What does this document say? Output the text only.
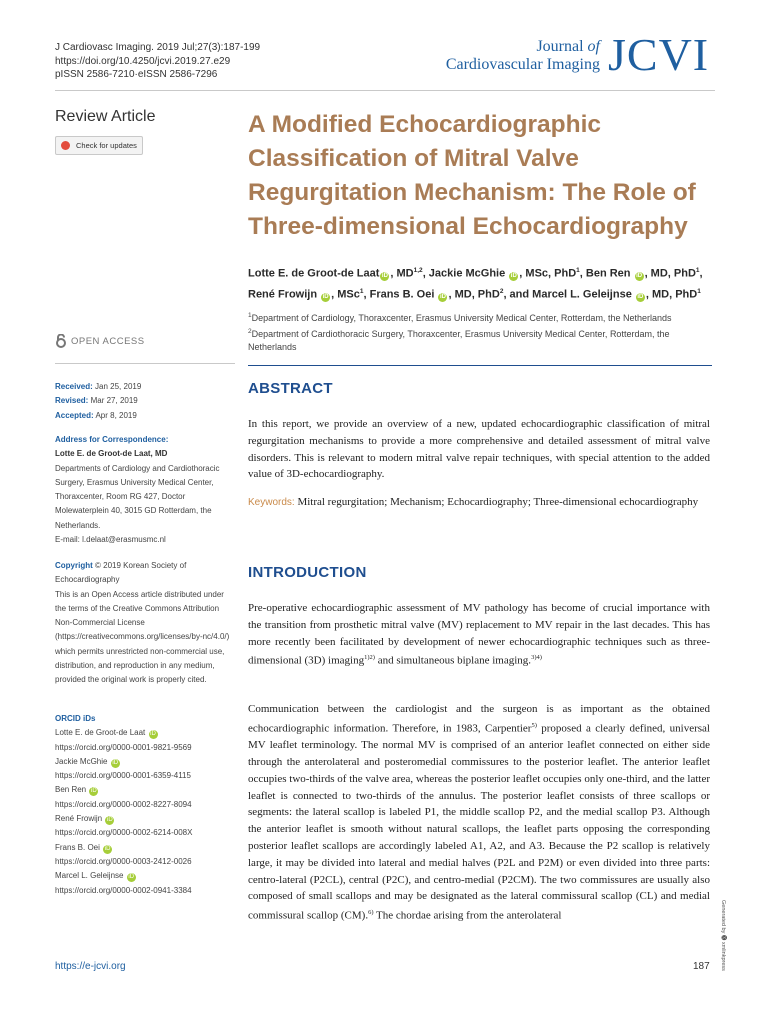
J Cardiovasc Imaging. 2019 Jul;27(3):187-199
https://doi.org/10.4250/jcvi.2019.27.e29
pISSN 2586-7210·eISSN 2586-7296
Journal of
Cardiovascular Imaging JCVI
Review Article
Check for updates
OPEN ACCESS
Received: Jan 25, 2019
Revised: Mar 27, 2019
Accepted: Apr 8, 2019
Address for Correspondence:
Lotte E. de Groot-de Laat, MD
Departments of Cardiology and Cardiothoracic Surgery, Erasmus University Medical Center, Thoraxcenter, Room RG 427, Doctor Molewaterplein 40, 3015 GD Rotterdam, the Netherlands.
E-mail: l.delaat@erasmusmc.nl
Copyright © 2019 Korean Society of Echocardiography
This is an Open Access article distributed under the terms of the Creative Commons Attribution Non-Commercial License (https://creativecommons.org/licenses/by-nc/4.0/) which permits unrestricted non-commercial use, distribution, and reproduction in any medium, provided the original work is properly cited.
ORCID iDs
Lotte E. de Groot-de Laat iD
https://orcid.org/0000-0001-9821-9569
Jackie McGhie iD
https://orcid.org/0000-0001-6359-4115
Ben Ren iD
https://orcid.org/0000-0002-8227-8094
René Frowijn iD
https://orcid.org/0000-0002-6214-008X
Frans B. Oei iD
https://orcid.org/0000-0003-2412-0026
Marcel L. Geleijnse iD
https://orcid.org/0000-0002-0941-3384
A Modified Echocardiographic Classification of Mitral Valve Regurgitation Mechanism: The Role of Three-dimensional Echocardiography
Lotte E. de Groot-de Laat iD , MD$^{1,2}$, Jackie McGhie iD , MSc, PhD$^1$, Ben Ren iD , MD, PhD$^1$, René Frowijn iD , MSc$^1$, Frans B. Oei iD , MD, PhD$^2$, and Marcel L. Geleijnse iD , MD, PhD$^1$
$^1$Department of Cardiology, Thoraxcenter, Erasmus University Medical Center, Rotterdam, the Netherlands
$^2$Department of Cardiothoracic Surgery, Thoraxcenter, Erasmus University Medical Center, Rotterdam, the Netherlands
ABSTRACT
In this report, we provide an overview of a new, updated echocardiographic classification of mitral regurgitation mechanisms to provide a more comprehensive and detailed assessment of mitral valve disorders. This is relevant to modern mitral valve repair techniques, with special attention to the added value of 3D-echocardiography.
Keywords: Mitral regurgitation; Mechanism; Echocardiography; Three-dimensional echocardiography
INTRODUCTION
Pre-operative echocardiographic assessment of MV pathology has become of crucial importance with the transition from prosthetic mitral valve (MV) replacement to MV repair in the last decades. This has more recently been facilitated by development of newer echocardiographic techniques such as three-dimensional (3D) imaging$^{1)2)}$ and simultaneous biplane imaging.$^{3)4)}$
Communication between the cardiologist and the surgeon is as important as the obtained echocardiographic information. Therefore, in 1983, Carpentier$^{5)}$ proposed a clearly defined, universal MV leaflet terminology. The normal MV is comprised of an anterior leaflet connected on either side through the anterolateral and posteromedial commissures to the posterior leaflet. The anterior leaflet occupies two-thirds of the valve area, whereas the posterior leaflet occupies only one-third, and the latter leaflet is connected to two-thirds of the annulus. The posterior leaflet consists of three scallops or segments: the lateral scallop is labeled P1, the middle scallop P2, and the medial scallop P3. Although the anterior leaflet is smooth without natural scallops, the leaflet parts opposing the corresponding posterior leaflet scallops are accordingly labeled A1, A2, and A3. Because the P2 scallop is relatively large, it may be divided into lateral and medial halves (P2L and P2M) or even divided into three parts: centro-lateral (P2CL), central (P2C), and centro-medial (P2CM). The two commissures are usually also composed of small scallops and may be designated as the lateral commissural scallop (CL) and medial commissural scallop (CM).$^{6)}$ The chordae arising from the anterolateral	Generated by 🅧 xmlinkpress
https://e-jcvi.org	187
